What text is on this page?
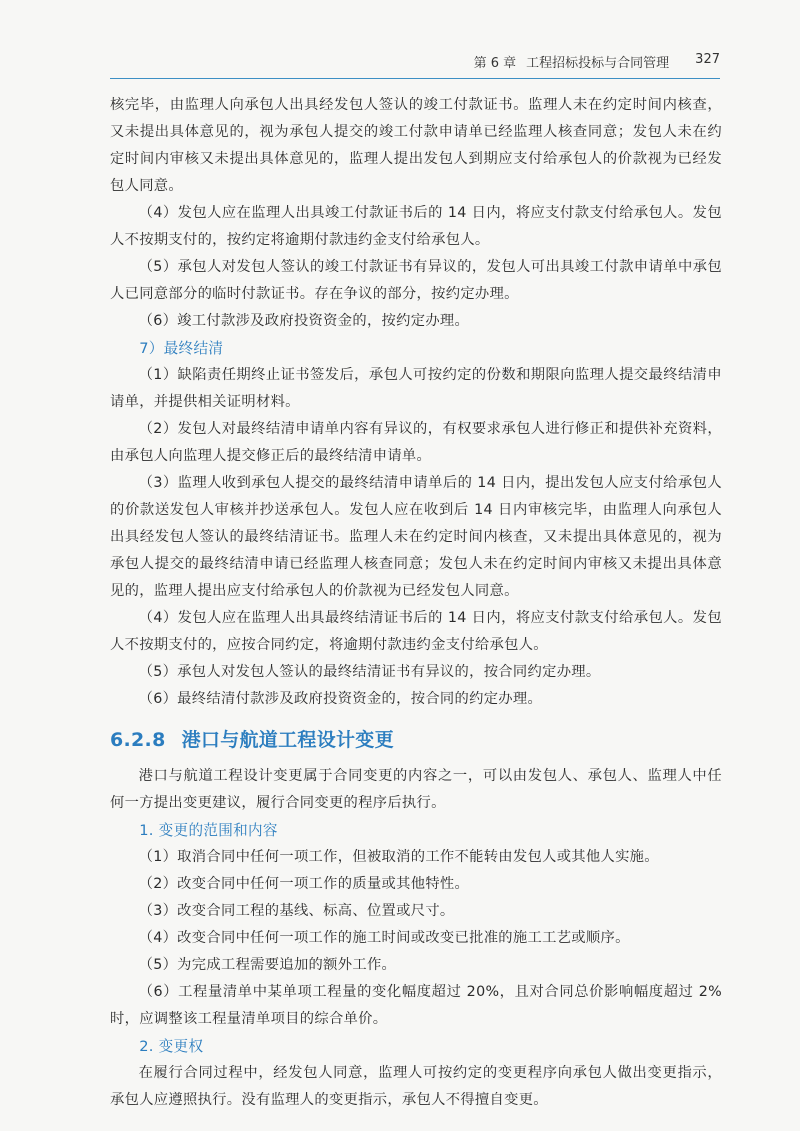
第 6 章 工程招标投标与合同管理 327

核完毕，由监理人向承包人出具经发包人签认的竣工付款证书。监理人未在约定时间内核查，又未提出具体意见的，视为承包人提交的竣工付款申请单已经监理人核查同意；发包人未在约定时间内审核又未提出具体意见的，监理人提出发包人到期应支付给承包人的价款视为已经发包人同意。

（4）发包人应在监理人出具竣工付款证书后的 14 日内，将应支付款支付给承包人。发包人不按期支付的，按约定将逾期付款违约金支付给承包人。

（5）承包人对发包人签认的竣工付款证书有异议的，发包人可出具竣工付款申请单中承包人已同意部分的临时付款证书。存在争议的部分，按约定办理。

（6）竣工付款涉及政府投资资金的，按约定办理。

7）最终结清

（1）缺陷责任期终止证书签发后，承包人可按约定的份数和期限向监理人提交最终结清申请单，并提供相关证明材料。

（2）发包人对最终结清申请单内容有异议的，有权要求承包人进行修正和提供补充资料，由承包人向监理人提交修正后的最终结清申请单。

（3）监理人收到承包人提交的最终结清申请单后的 14 日内，提出发包人应支付给承包人的价款送发包人审核并抄送承包人。发包人应在收到后 14 日内审核完毕，由监理人向承包人出具经发包人签认的最终结清证书。监理人未在约定时间内核查，又未提出具体意见的，视为承包人提交的最终结清申请已经监理人核查同意；发包人未在约定时间内审核又未提出具体意见的，监理人提出应支付给承包人的价款视为已经发包人同意。

（4）发包人应在监理人出具最终结清证书后的 14 日内，将应支付款支付给承包人。发包人不按期支付的，应按合同约定，将逾期付款违约金支付给承包人。

（5）承包人对发包人签认的最终结清证书有异议的，按合同约定办理。

（6）最终结清付款涉及政府投资资金的，按合同的约定办理。

6.2.8 港口与航道工程设计变更

港口与航道工程设计变更属于合同变更的内容之一，可以由发包人、承包人、监理人中任何一方提出变更建议，履行合同变更的程序后执行。

1. 变更的范围和内容

（1）取消合同中任何一项工作，但被取消的工作不能转由发包人或其他人实施。

（2）改变合同中任何一项工作的质量或其他特性。

（3）改变合同工程的基线、标高、位置或尺寸。

（4）改变合同中任何一项工作的施工时间或改变已批准的施工工艺或顺序。

（5）为完成工程需要追加的额外工作。

（6）工程量清单中某单项工程量的变化幅度超过 20%，且对合同总价影响幅度超过 2% 时，应调整该工程量清单项目的综合单价。

2. 变更权

在履行合同过程中，经发包人同意，监理人可按约定的变更程序向承包人做出变更指示，承包人应遵照执行。没有监理人的变更指示，承包人不得擅自变更。
